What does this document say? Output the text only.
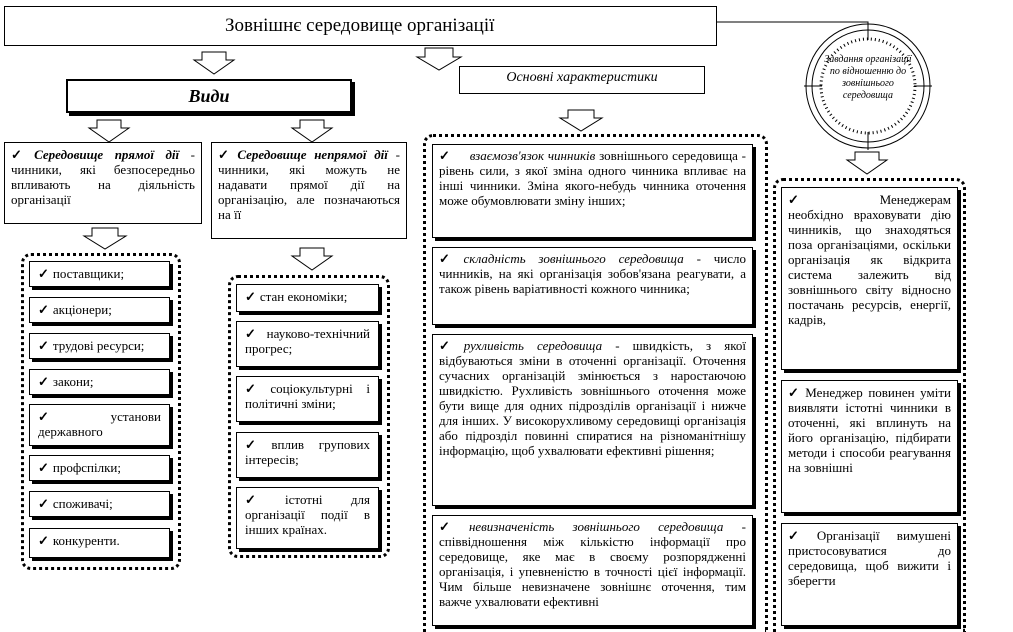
Зовнішнє середовище організації
Види
Основні характеристики
Завдання організації по відношенню до зовнішнього середовища
✓ Середовище прямої дії - чинники, які безпосередньо впливають на діяльність організації
✓ Середовище непрямої дії - чинники, які можуть не надавати прямої дії на організацію, але позначаються на її
✓ поставщики;
✓ акціонери;
✓ трудові ресурси;
✓ закони;
✓ установи державного
✓ профспілки;
✓ споживачі;
✓ конкуренти.
✓ стан економіки;
✓ науково-технічний прогрес;
✓ соціокультурні і політичні зміни;
✓ вплив групових інтересів;
✓ істотні для організації події в інших країнах.
✓ взаємозв'язок чинників зовнішнього середовища - рівень сили, з якої зміна одного чинника впливає на інші чинники. Зміна якого-небудь чинника оточення може обумовлювати зміну інших;
✓ складність зовнішнього середовища - число чинників, на які організація зобов'язана реагувати, а також рівень варіативності кожного чинника;
✓ рухливість середовища - швидкість, з якої відбуваються зміни в оточенні організації. Оточення сучасних організацій змінюється з наростаючою швидкістю. Рухливість зовнішнього оточення може бути вище для одних підрозділів організації і нижче для інших. У високорухливому середовищі організація або підрозділ повинні спиратися на різноманітнішу інформацію, щоб ухвалювати ефективні рішення;
✓ невизначеність зовнішнього середовища - співвідношення між кількістю інформації про середовище, яке має в своєму розпорядженні організація, і упевненістю в точності цієї інформації. Чим більше невизначене зовнішнє оточення, тим важче ухвалювати ефективні
✓	Менеджерам необхідно враховувати дію чинників, що знаходяться поза організаціями, оскільки організація як відкрита система залежить від зовнішнього світу відносно постачань ресурсів, енергії, кадрів,
✓ Менеджер повинен уміти виявляти істотні чинники в оточенні, які вплинуть на його організацію, підбирати методи і способи реагування на зовнішні
✓ Організації вимушені пристосовуватися до середовища, щоб вижити і зберегти
